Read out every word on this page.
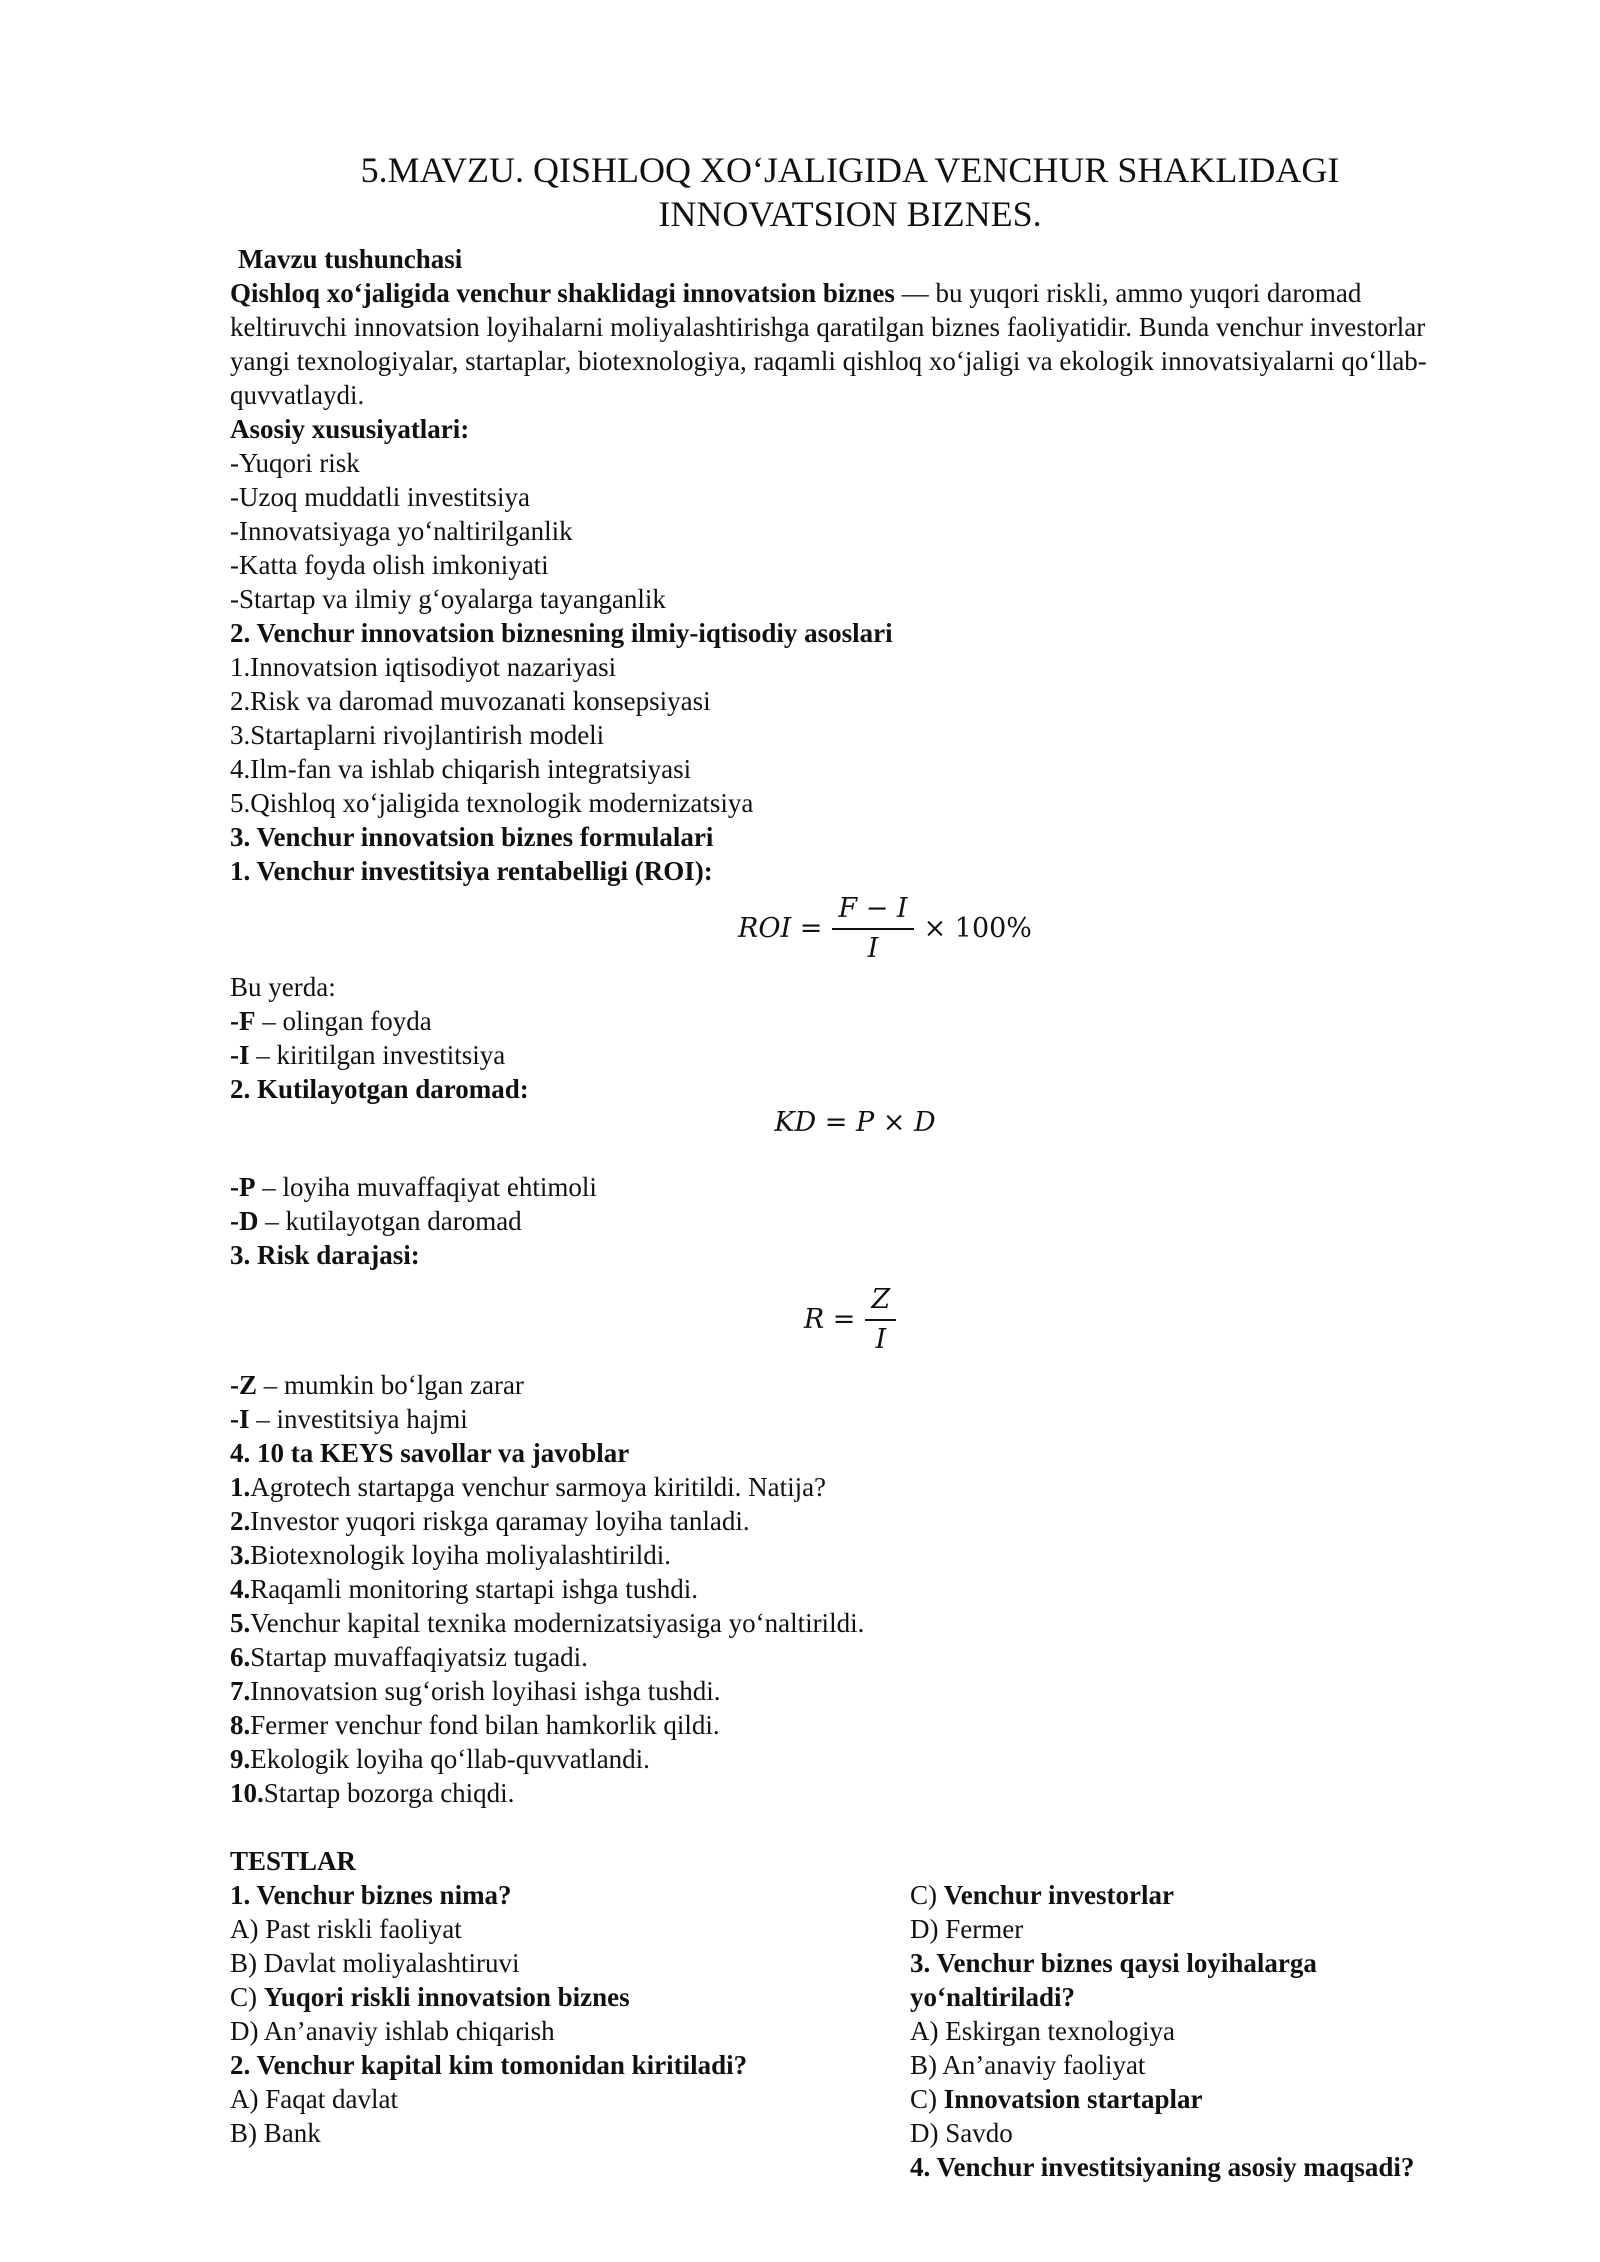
5.MAVZU. QISHLOQ XO‘JALIGIDA VENCHUR SHAKLIDAGI
INNOVATSION BIZNES.
Mavzu tushunchasi
Qishloq xo‘jaligida venchur shaklidagi innovatsion biznes — bu yuqori riskli, ammo yuqori daromad keltiruvchi innovatsion loyihalarni moliyalashtirishga qaratilgan biznes faoliyatidir. Bunda venchur investorlar yangi texnologiyalar, startaplar, biotexnologiya, raqamli qishloq xo‘jaligi va ekologik innovatsiyalarni qo‘llab-quvvatlaydi.
Asosiy xususiyatlari:
-Yuqori risk
-Uzoq muddatli investitsiya
-Innovatsiyaga yo‘naltirilganlik
-Katta foyda olish imkoniyati
-Startap va ilmiy g‘oyalarga tayanganlik
2. Venchur innovatsion biznesning ilmiy-iqtisodiy asoslari
1.Innovatsion iqtisodiyot nazariyasi
2.Risk va daromad muvozanati konsepsiyasi
3.Startaplarni rivojlantirish modeli
4.Ilm-fan va ishlab chiqarish integratsiyasi
5.Qishloq xo‘jaligida texnologik modernizatsiya
3. Venchur innovatsion biznes formulalari
1. Venchur investitsiya rentabelligi (ROI):
ROI = $\frac{F - I}{I} \times 100\%$
Bu yerda:
-F – olingan foyda
-I – kiritilgan investitsiya
2. Kutilayotgan daromad:
KD = P × D
-P – loyiha muvaffaqiyat ehtimoli
-D – kutilayotgan daromad
3. Risk darajasi:
$R = \frac{Z}{I}$
-Z – mumkin bo‘lgan zarar
-I – investitsiya hajmi
4. 10 ta KEYS savollar va javoblar
1.Agrotech startapga venchur sarmoya kiritildi. Natija?
2.Investor yuqori riskga qaramay loyiha tanladi.
3.Biotexnologik loyiha moliyalashtirildi.
4.Raqamli monitoring startapi ishga tushdi.
5.Venchur kapital texnika modernizatsiyasiga yo‘naltirildi.
6.Startap muvaffaqiyatsiz tugadi.
7.Innovatsion sug‘orish loyihasi ishga tushdi.
8.Fermer venchur fond bilan hamkorlik qildi.
9.Ekologik loyiha qo‘llab-quvvatlandi.
10.Startap bozorga chiqdi.
TESTLAR
1. Venchur biznes nima?
A) Past riskli faoliyat
B) Davlat moliyalashtiruvi
C) Yuqori riskli innovatsion biznes
D) An’anaviy ishlab chiqarish
2. Venchur kapital kim tomonidan kiritiladi?
A) Faqat davlat
B) Bank
C) Venchur investorlar
D) Fermer
3. Venchur biznes qaysi loyihalarga
yo‘naltiriladi?
A) Eskirgan texnologiya
B) An’anaviy faoliyat
C) Innovatsion startaplar
D) Savdo
4. Venchur investitsiyaning asosiy maqsadi?
